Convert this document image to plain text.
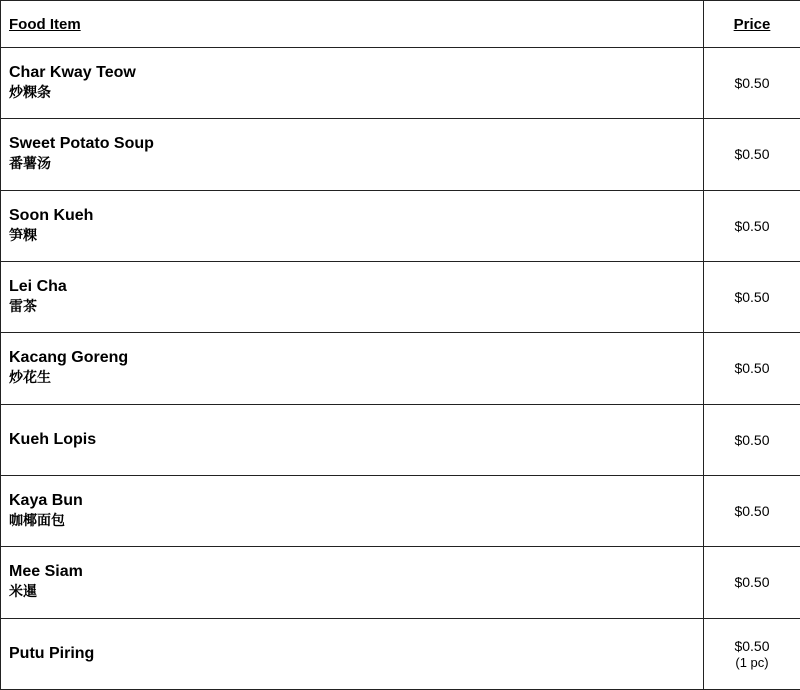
Food Item	Price

Char Kway Teow
炒粿条	$0.50

Sweet Potato Soup
番薯汤	$0.50

Soon Kueh
笋粿	$0.50

Lei Cha
雷茶	$0.50

Kacang Goreng
炒花生	$0.50

Kueh Lopis	$0.50

Kaya Bun
咖椰面包	$0.50

Mee Siam
米暹	$0.50

Putu Piring	$0.50
(1 pc)
